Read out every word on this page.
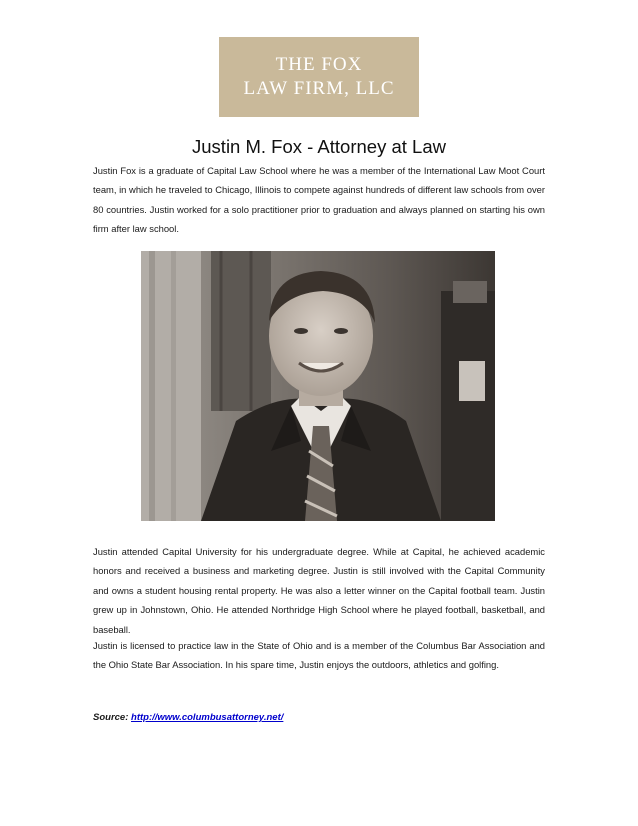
THE FOX
LAW FIRM, LLC
Justin M. Fox - Attorney at Law

Justin Fox is a graduate of Capital Law School where he was a member of the International Law Moot Court team, in which he traveled to Chicago, Illinois to compete against hundreds of different law schools from over 80 countries. Justin worked for a solo practitioner prior to graduation and always planned on starting his own firm after law school.

Justin attended Capital University for his undergraduate degree. While at Capital, he achieved academic honors and received a business and marketing degree. Justin is still involved with the Capital Community and owns a student housing rental property. He was also a letter winner on the Capital football team. Justin grew up in Johnstown, Ohio. He attended Northridge High School where he played football, basketball, and baseball.

Justin is licensed to practice law in the State of Ohio and is a member of the Columbus Bar Association and the Ohio State Bar Association. In his spare time, Justin enjoys the outdoors, athletics and golfing.

Source: http://www.columbusattorney.net/
